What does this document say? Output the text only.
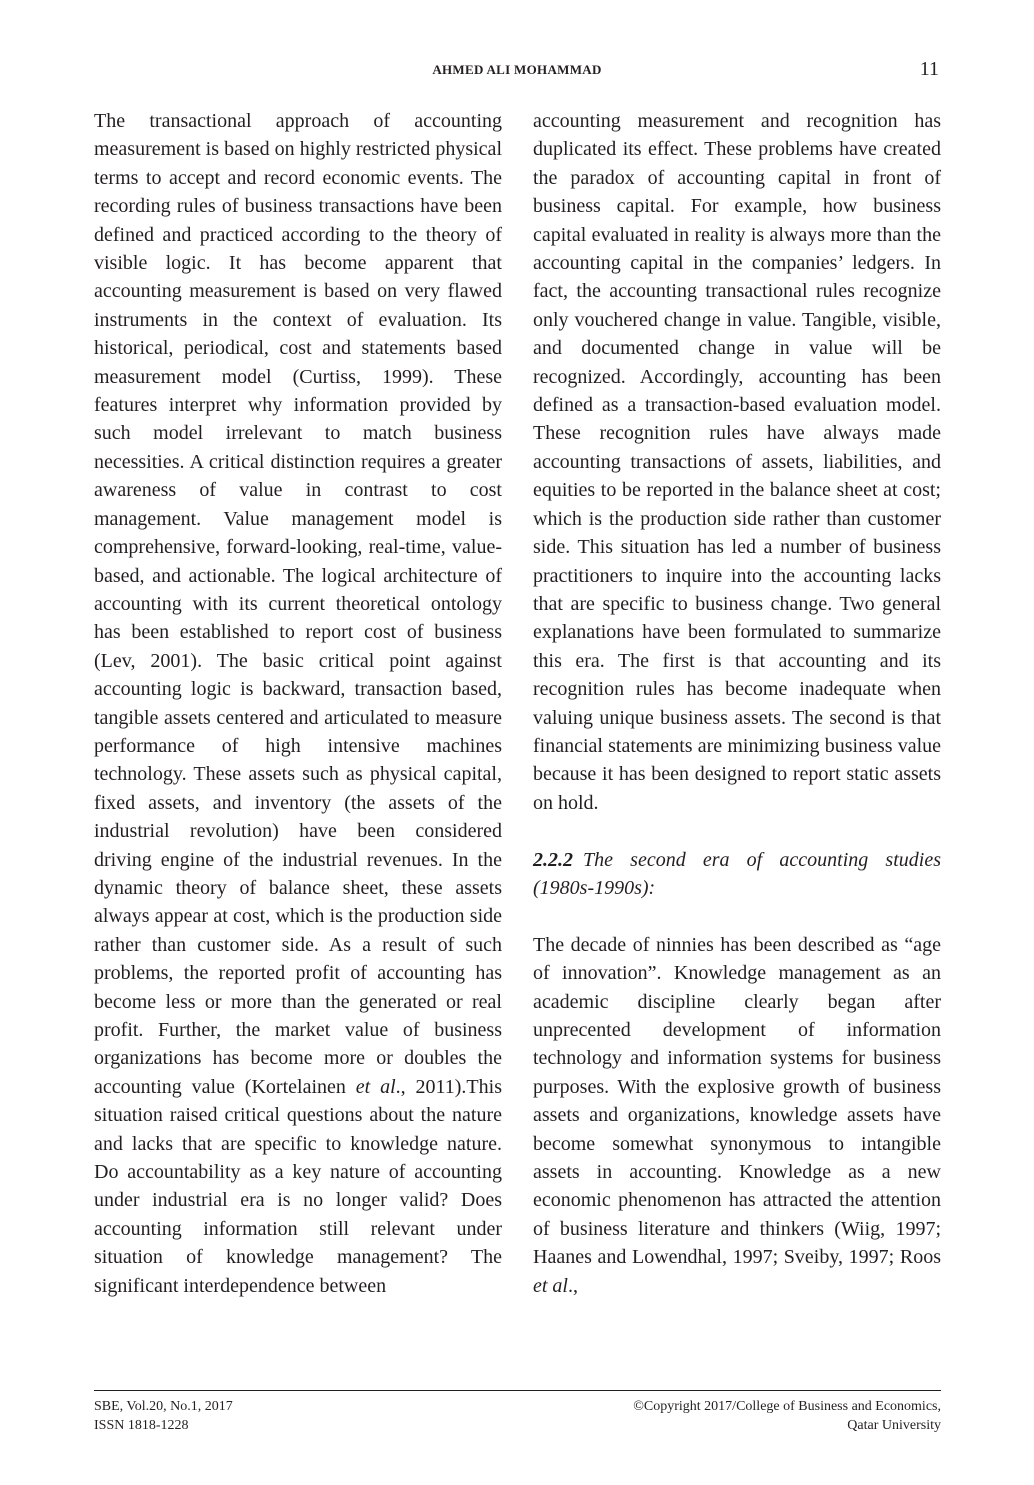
AHMED ALI MOHAMMAD	11

The transactional approach of accounting measurement is based on highly restricted physical terms to accept and record economic events. The recording rules of business transactions have been defined and practiced according to the theory of visible logic. It has become apparent that accounting measurement is based on very flawed instruments in the context of evaluation. Its historical, periodical, cost and statements based measurement model (Curtiss, 1999). These features interpret why information provided by such model irrelevant to match business necessities. A critical distinction requires a greater awareness of value in contrast to cost management. Value management model is comprehensive, forward-looking, real-time, value-based, and actionable. The logical architecture of accounting with its current theoretical ontology has been established to report cost of business (Lev, 2001). The basic critical point against accounting logic is backward, transaction based, tangible assets centered and articulated to measure performance of high intensive machines technology. These assets such as physical capital, fixed assets, and inventory (the assets of the industrial revolution) have been considered driving engine of the industrial revenues. In the dynamic theory of balance sheet, these assets always appear at cost, which is the production side rather than customer side. As a result of such problems, the reported profit of accounting has become less or more than the generated or real profit. Further, the market value of business organizations has become more or doubles the accounting value (Kortelainen et al., 2011).This situation raised critical questions about the nature and lacks that are specific to knowledge nature. Do accountability as a key nature of accounting under industrial era is no longer valid? Does accounting information still relevant under situation of knowledge management? The significant interdependence between

accounting measurement and recognition has duplicated its effect. These problems have created the paradox of accounting capital in front of business capital. For example, how business capital evaluated in reality is always more than the accounting capital in the companies’ ledgers. In fact, the accounting transactional rules recognize only vouchered change in value. Tangible, visible, and documented change in value will be recognized. Accordingly, accounting has been defined as a transaction-based evaluation model. These recognition rules have always made accounting transactions of assets, liabilities, and equities to be reported in the balance sheet at cost; which is the production side rather than customer side. This situation has led a number of business practitioners to inquire into the accounting lacks that are specific to business change. Two general explanations have been formulated to summarize this era. The first is that accounting and its recognition rules has become inadequate when valuing unique business assets. The second is that financial statements are minimizing business value because it has been designed to report static assets on hold.

2.2.2 The second era of accounting studies (1980s-1990s):

The decade of ninnies has been described as “age of innovation”. Knowledge management as an academic discipline clearly began after unprecented development of information technology and information systems for business purposes. With the explosive growth of business assets and organizations, knowledge assets have become somewhat synonymous to intangible assets in accounting. Knowledge as a new economic phenomenon has attracted the attention of business literature and thinkers (Wiig, 1997; Haanes and Lowendhal, 1997; Sveiby, 1997; Roos et al.,

SBE, Vol.20, No.1, 2017
ISSN 1818-1228
©Copyright 2017/College of Business and Economics,
Qatar University
